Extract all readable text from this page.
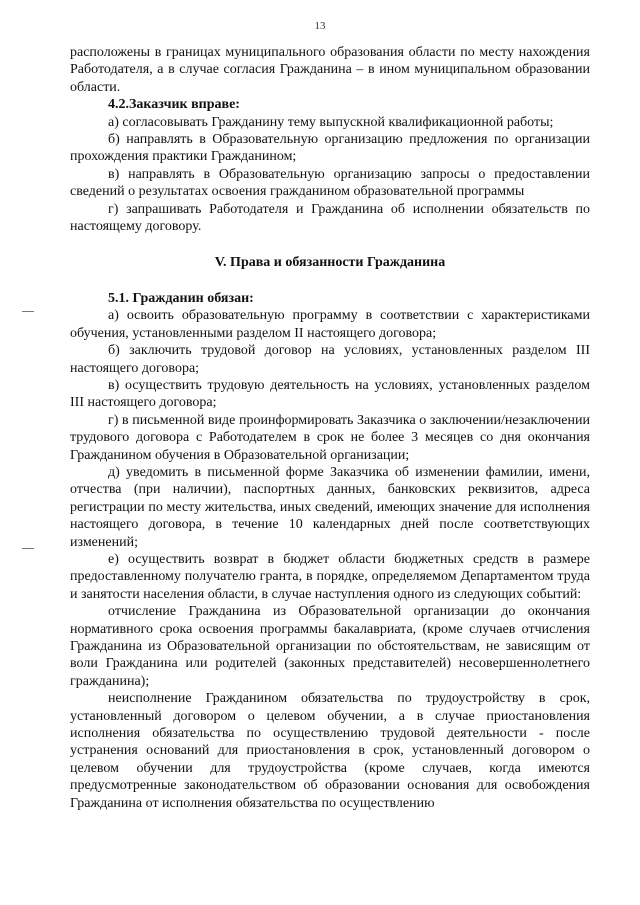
13

расположены в границах муниципального образования области по месту нахождения Работодателя, а в случае согласия Гражданина – в ином муниципальном образовании области.

4.2.Заказчик вправе:

а) согласовывать Гражданину тему выпускной квалификационной работы;

б) направлять в Образовательную организацию предложения по организации прохождения практики Гражданином;

в) направлять в Образовательную организацию запросы о предоставлении сведений о результатах освоения гражданином образовательной программы

г) запрашивать Работодателя и Гражданина об исполнении обязательств по настоящему договору.

V. Права и обязанности Гражданина

5.1. Гражданин обязан:

а) освоить образовательную программу в соответствии с характеристиками обучения, установленными разделом II настоящего договора;

б) заключить трудовой договор на условиях, установленных разделом III настоящего договора;

в) осуществить трудовую деятельность на условиях, установленных разделом III настоящего договора;

г) в письменной виде проинформировать Заказчика о заключении/незаключении трудового договора с Работодателем в срок не более 3 месяцев со дня окончания Гражданином обучения в Образовательной организации;

д) уведомить в письменной форме Заказчика об изменении фамилии, имени, отчества (при наличии), паспортных данных, банковских реквизитов, адреса регистрации по месту жительства, иных сведений, имеющих значение для исполнения настоящего договора, в течение 10 календарных дней после соответствующих изменений;

е) осуществить возврат в бюджет области бюджетных средств в размере предоставленному получателю гранта, в порядке, определяемом Департаментом труда и занятости населения области, в случае наступления одного из следующих событий:

отчисление Гражданина из Образовательной организации до окончания нормативного срока освоения программы бакалавриата, (кроме случаев отчисления Гражданина из Образовательной организации по обстоятельствам, не зависящим от воли Гражданина или родителей (законных представителей) несовершеннолетнего гражданина);

неисполнение Гражданином обязательства по трудоустройству в срок, установленный договором о целевом обучении, а в случае приостановления исполнения обязательства по осуществлению трудовой деятельности - после устранения оснований для приостановления в срок, установленный договором о целевом обучении для трудоустройства (кроме случаев, когда имеются предусмотренные законодательством об образовании основания для освобождения Гражданина от исполнения обязательства по осуществлению
